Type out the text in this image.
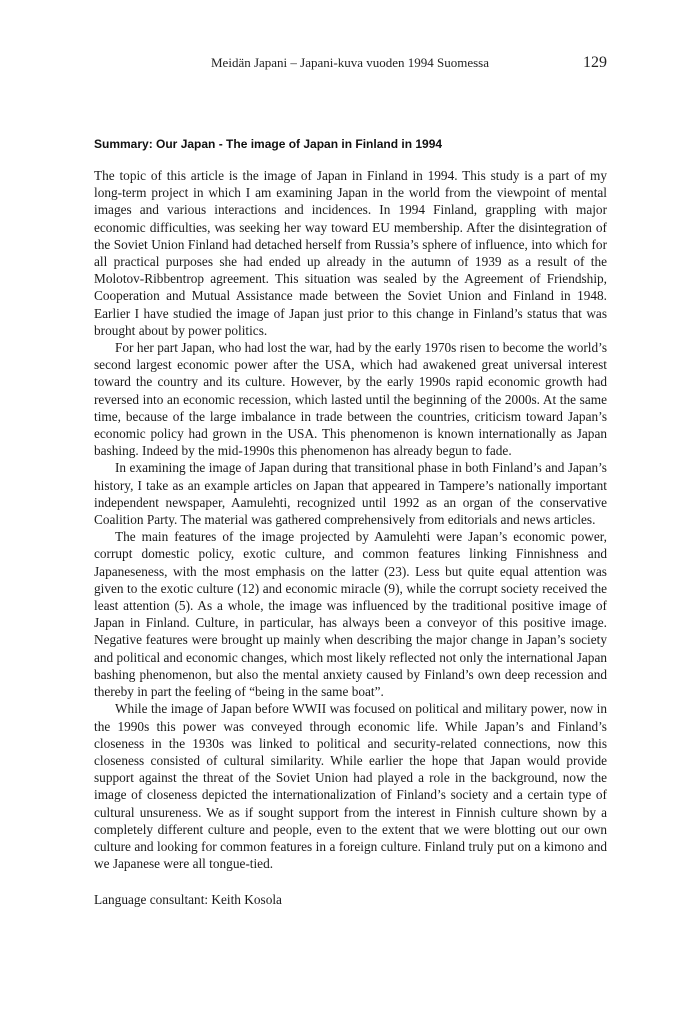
Meidän Japani – Japani-kuva vuoden 1994 Suomessa	129
Summary: Our Japan - The image of Japan in Finland in 1994

The topic of this article is the image of Japan in Finland in 1994. This study is a part of my long-term project in which I am examining Japan in the world from the viewpoint of mental images and various interactions and incidences. In 1994 Finland, grappling with major economic difficulties, was seeking her way toward EU membership. After the disintegration of the Soviet Union Finland had detached herself from Russia’s sphere of influence, into which for all practical purposes she had ended up already in the autumn of 1939 as a result of the Molotov-Ribbentrop agreement. This situation was sealed by the Agreement of Friendship, Cooperation and Mutual Assistance made between the Soviet Union and Finland in 1948. Earlier I have studied the image of Japan just prior to this change in Finland’s status that was brought about by power politics.

For her part Japan, who had lost the war, had by the early 1970s risen to become the world’s second largest economic power after the USA, which had awakened great universal interest toward the country and its culture. However, by the early 1990s rapid economic growth had reversed into an economic recession, which lasted until the beginning of the 2000s. At the same time, because of the large imbalance in trade between the countries, criticism toward Japan’s economic policy had grown in the USA. This phenomenon is known internationally as Japan bashing. Indeed by the mid-1990s this phenomenon has already begun to fade.

In examining the image of Japan during that transitional phase in both Finland’s and Japan’s history, I take as an example articles on Japan that appeared in Tampere’s nationally important independent newspaper, Aamulehti, recognized until 1992 as an organ of the conservative Coalition Party. The material was gathered comprehensively from editorials and news articles.

The main features of the image projected by Aamulehti were Japan’s economic power, corrupt domestic policy, exotic culture, and common features linking Finnishness and Japaneseness, with the most emphasis on the latter (23). Less but quite equal attention was given to the exotic culture (12) and economic miracle (9), while the corrupt society received the least attention (5). As a whole, the image was influenced by the traditional positive image of Japan in Finland. Culture, in particular, has always been a conveyor of this positive image. Negative features were brought up mainly when describing the major change in Japan’s society and political and economic changes, which most likely reflected not only the international Japan bashing phenomenon, but also the mental anxiety caused by Finland’s own deep recession and thereby in part the feeling of “being in the same boat”.

While the image of Japan before WWII was focused on political and military power, now in the 1990s this power was conveyed through economic life. While Japan’s and Finland’s closeness in the 1930s was linked to political and security-related connections, now this closeness consisted of cultural similarity. While earlier the hope that Japan would provide support against the threat of the Soviet Union had played a role in the background, now the image of closeness depicted the internationalization of Finland’s society and a certain type of cultural unsureness. We as if sought support from the interest in Finnish culture shown by a completely different culture and people, even to the extent that we were blotting out our own culture and looking for common features in a foreign culture. Finland truly put on a kimono and we Japanese were all tongue-tied.

Language consultant: Keith Kosola
